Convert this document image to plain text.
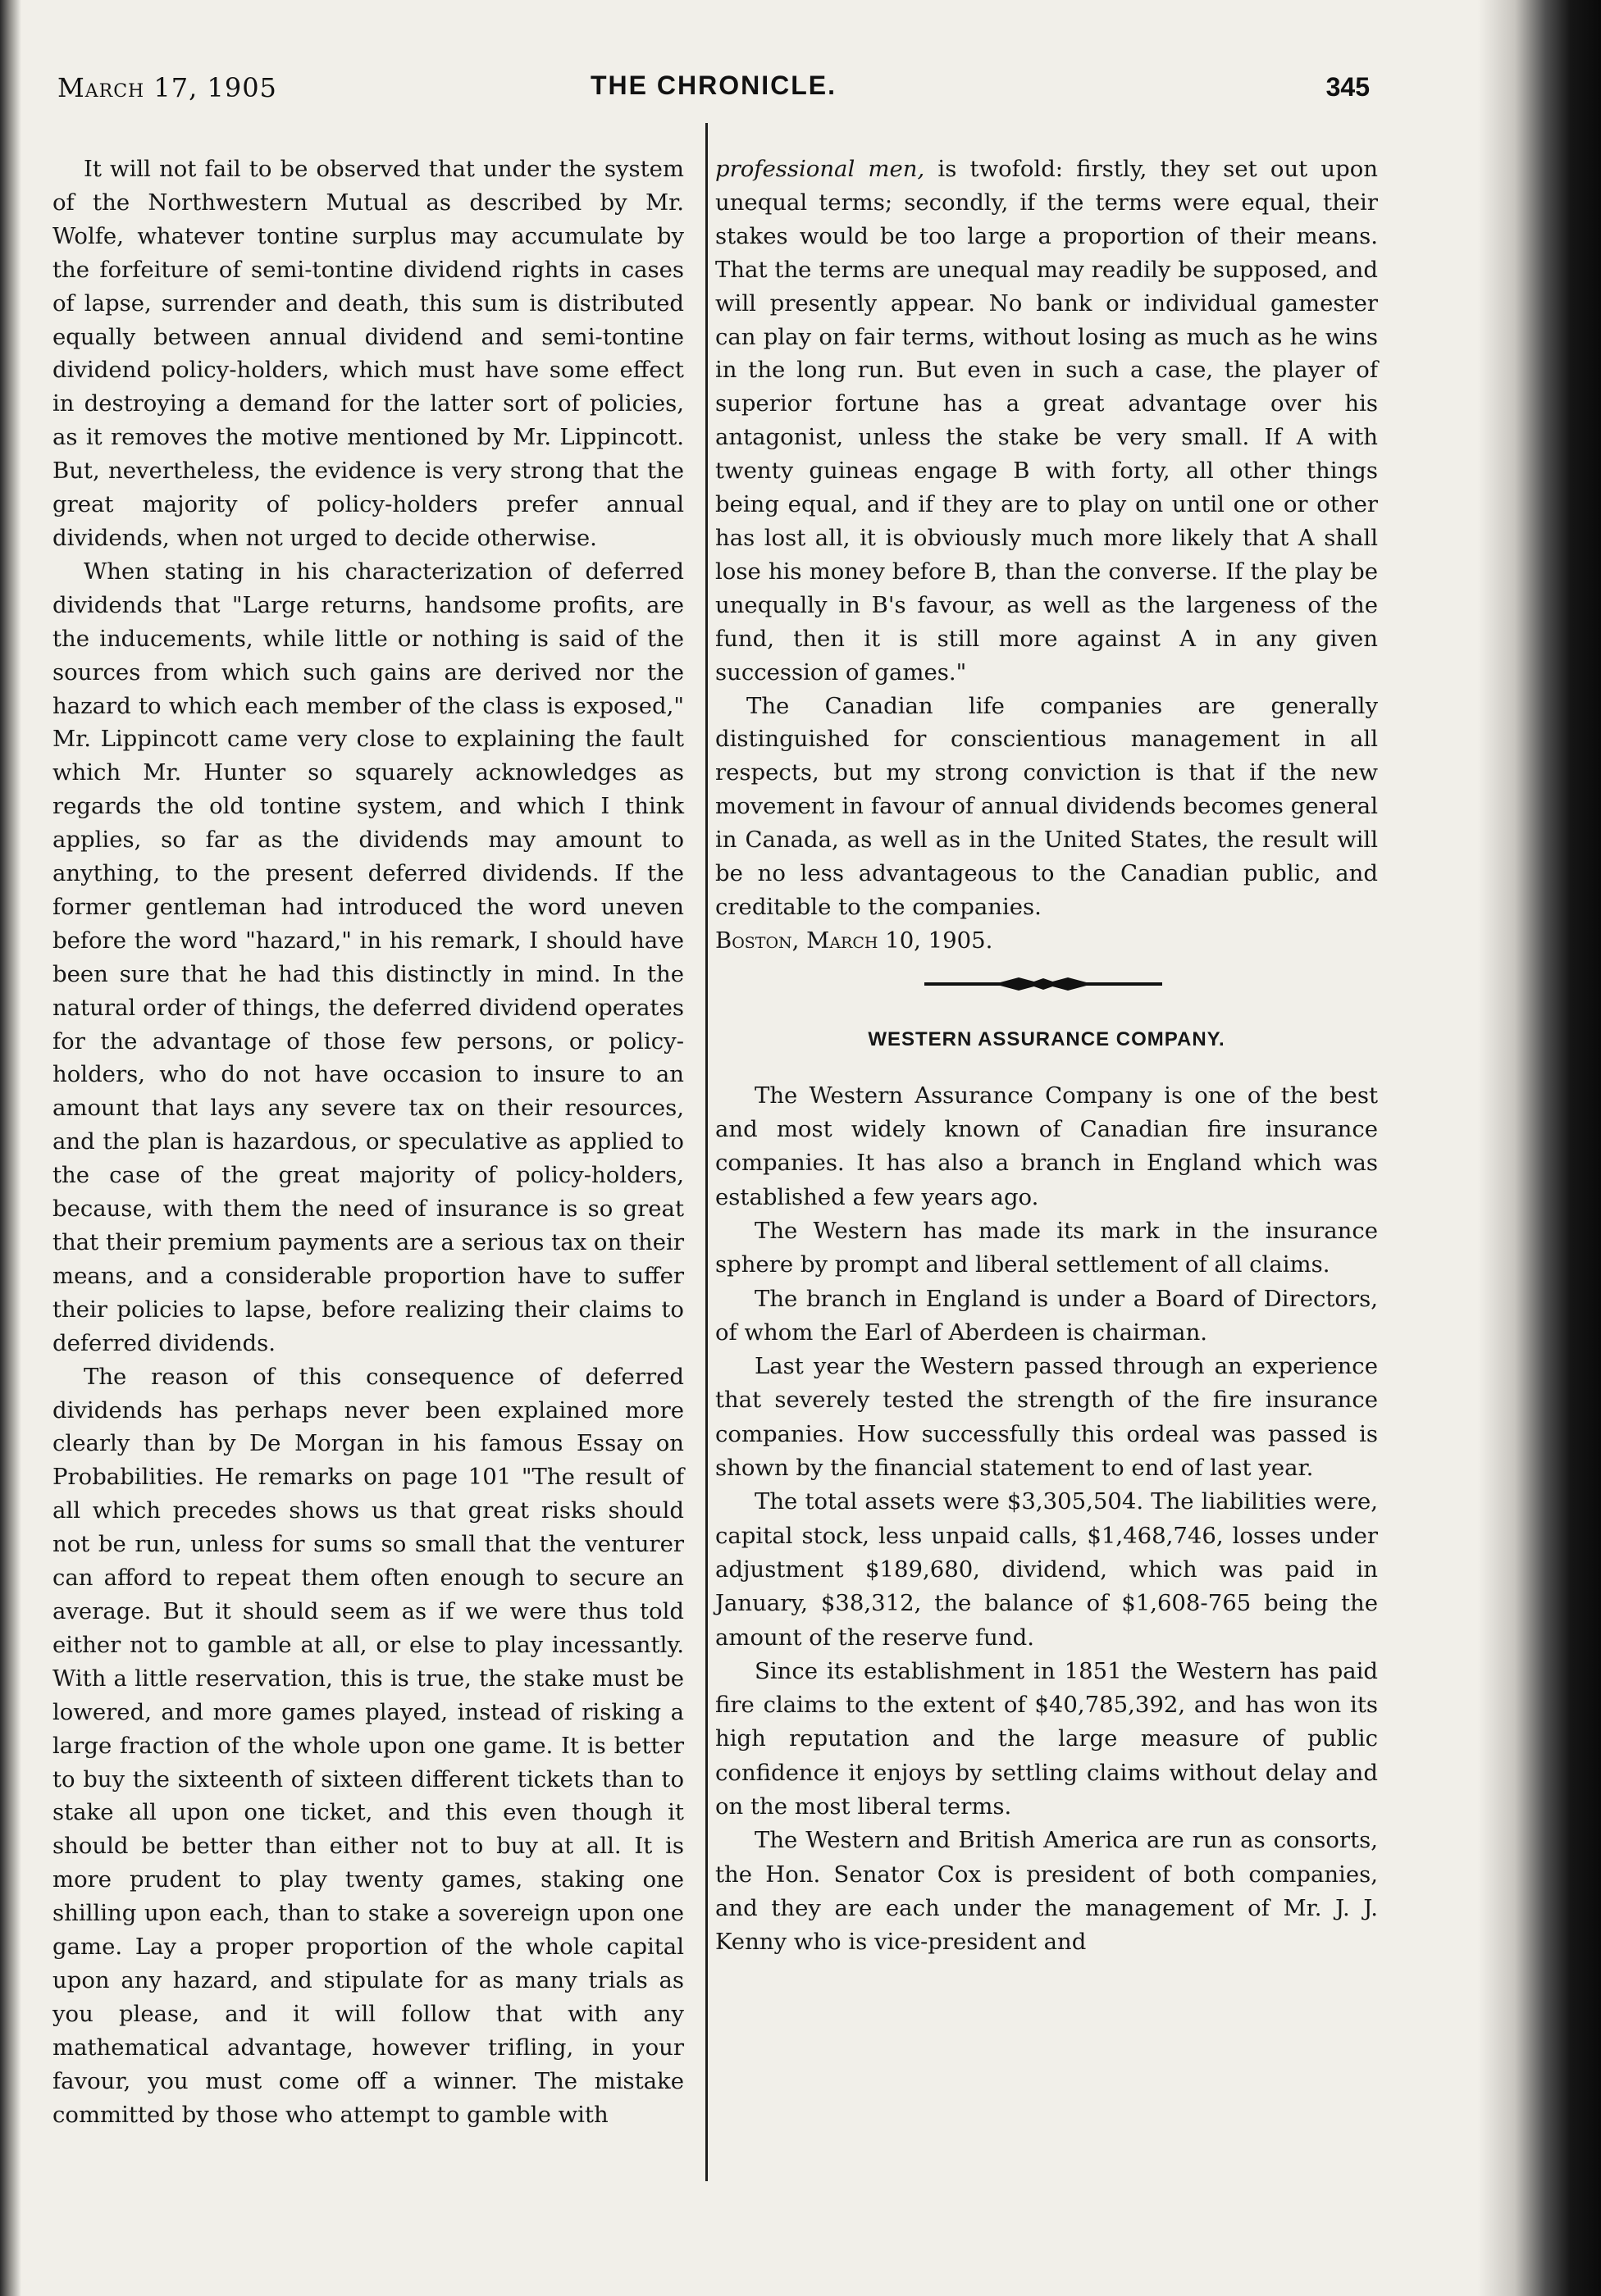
March 17, 1905	THE CHRONICLE.	345

It will not fail to be observed that under the system of the Northwestern Mutual as described by Mr. Wolfe, whatever tontine surplus may accumulate by the forfeiture of semi-tontine dividend rights in cases of lapse, surrender and death, this sum is distributed equally between annual dividend and semi-tontine dividend policy-holders, which must have some effect in destroying a demand for the latter sort of policies, as it removes the motive mentioned by Mr. Lippincott. But, nevertheless, the evidence is very strong that the great majority of policy-holders prefer annual dividends, when not urged to decide otherwise.

When stating in his characterization of deferred dividends that "Large returns, handsome profits, are the inducements, while little or nothing is said of the sources from which such gains are derived nor the hazard to which each member of the class is exposed," Mr. Lippincott came very close to explaining the fault which Mr. Hunter so squarely acknowledges as regards the old tontine system, and which I think applies, so far as the dividends may amount to anything, to the present deferred dividends. If the former gentleman had introduced the word uneven before the word "hazard," in his remark, I should have been sure that he had this distinctly in mind. In the natural order of things, the deferred dividend operates for the advantage of those few persons, or policy-holders, who do not have occasion to insure to an amount that lays any severe tax on their resources, and the plan is hazardous, or speculative as applied to the case of the great majority of policy-holders, because, with them the need of insurance is so great that their premium payments are a serious tax on their means, and a considerable proportion have to suffer their policies to lapse, before realizing their claims to deferred dividends.

The reason of this consequence of deferred dividends has perhaps never been explained more clearly than by De Morgan in his famous Essay on Probabilities. He remarks on page 101 "The result of all which precedes shows us that great risks should not be run, unless for sums so small that the venturer can afford to repeat them often enough to secure an average. But it should seem as if we were thus told either not to gamble at all, or else to play incessantly. With a little reservation, this is true, the stake must be lowered, and more games played, instead of risking a large fraction of the whole upon one game. It is better to buy the sixteenth of sixteen different tickets than to stake all upon one ticket, and this even though it should be better than either not to buy at all. It is more prudent to play twenty games, staking one shilling upon each, than to stake a sovereign upon one game. Lay a proper proportion of the whole capital upon any hazard, and stipulate for as many trials as you please, and it will follow that with any mathematical advantage, however trifling, in your favour, you must come off a winner. The mistake committed by those who attempt to gamble with

professional men, is twofold: firstly, they set out upon unequal terms; secondly, if the terms were equal, their stakes would be too large a proportion of their means. That the terms are unequal may readily be supposed, and will presently appear. No bank or individual gamester can play on fair terms, without losing as much as he wins in the long run. But even in such a case, the player of superior fortune has a great advantage over his antagonist, unless the stake be very small. If A with twenty guineas engage B with forty, all other things being equal, and if they are to play on until one or other has lost all, it is obviously much more likely that A shall lose his money before B, than the converse. If the play be unequally in B's favour, as well as the largeness of the fund, then it is still more against A in any given succession of games."

The Canadian life companies are generally distinguished for conscientious management in all respects, but my strong conviction is that if the new movement in favour of annual dividends becomes general in Canada, as well as in the United States, the result will be no less advantageous to the Canadian public, and creditable to the companies.

Boston, March 10, 1905.

WESTERN ASSURANCE COMPANY.

The Western Assurance Company is one of the best and most widely known of Canadian fire insurance companies. It has also a branch in England which was established a few years ago.

The Western has made its mark in the insurance sphere by prompt and liberal settlement of all claims.

The branch in England is under a Board of Directors, of whom the Earl of Aberdeen is chairman.

Last year the Western passed through an experience that severely tested the strength of the fire insurance companies. How successfully this ordeal was passed is shown by the financial statement to end of last year.

The total assets were $3,305,504. The liabilities were, capital stock, less unpaid calls, $1,468,746, losses under adjustment $189,680, dividend, which was paid in January, $38,312, the balance of $1,608-765 being the amount of the reserve fund.

Since its establishment in 1851 the Western has paid fire claims to the extent of $40,785,392, and has won its high reputation and the large measure of public confidence it enjoys by settling claims without delay and on the most liberal terms.

The Western and British America are run as consorts, the Hon. Senator Cox is president of both companies, and they are each under the management of Mr. J. J. Kenny who is vice-president and
